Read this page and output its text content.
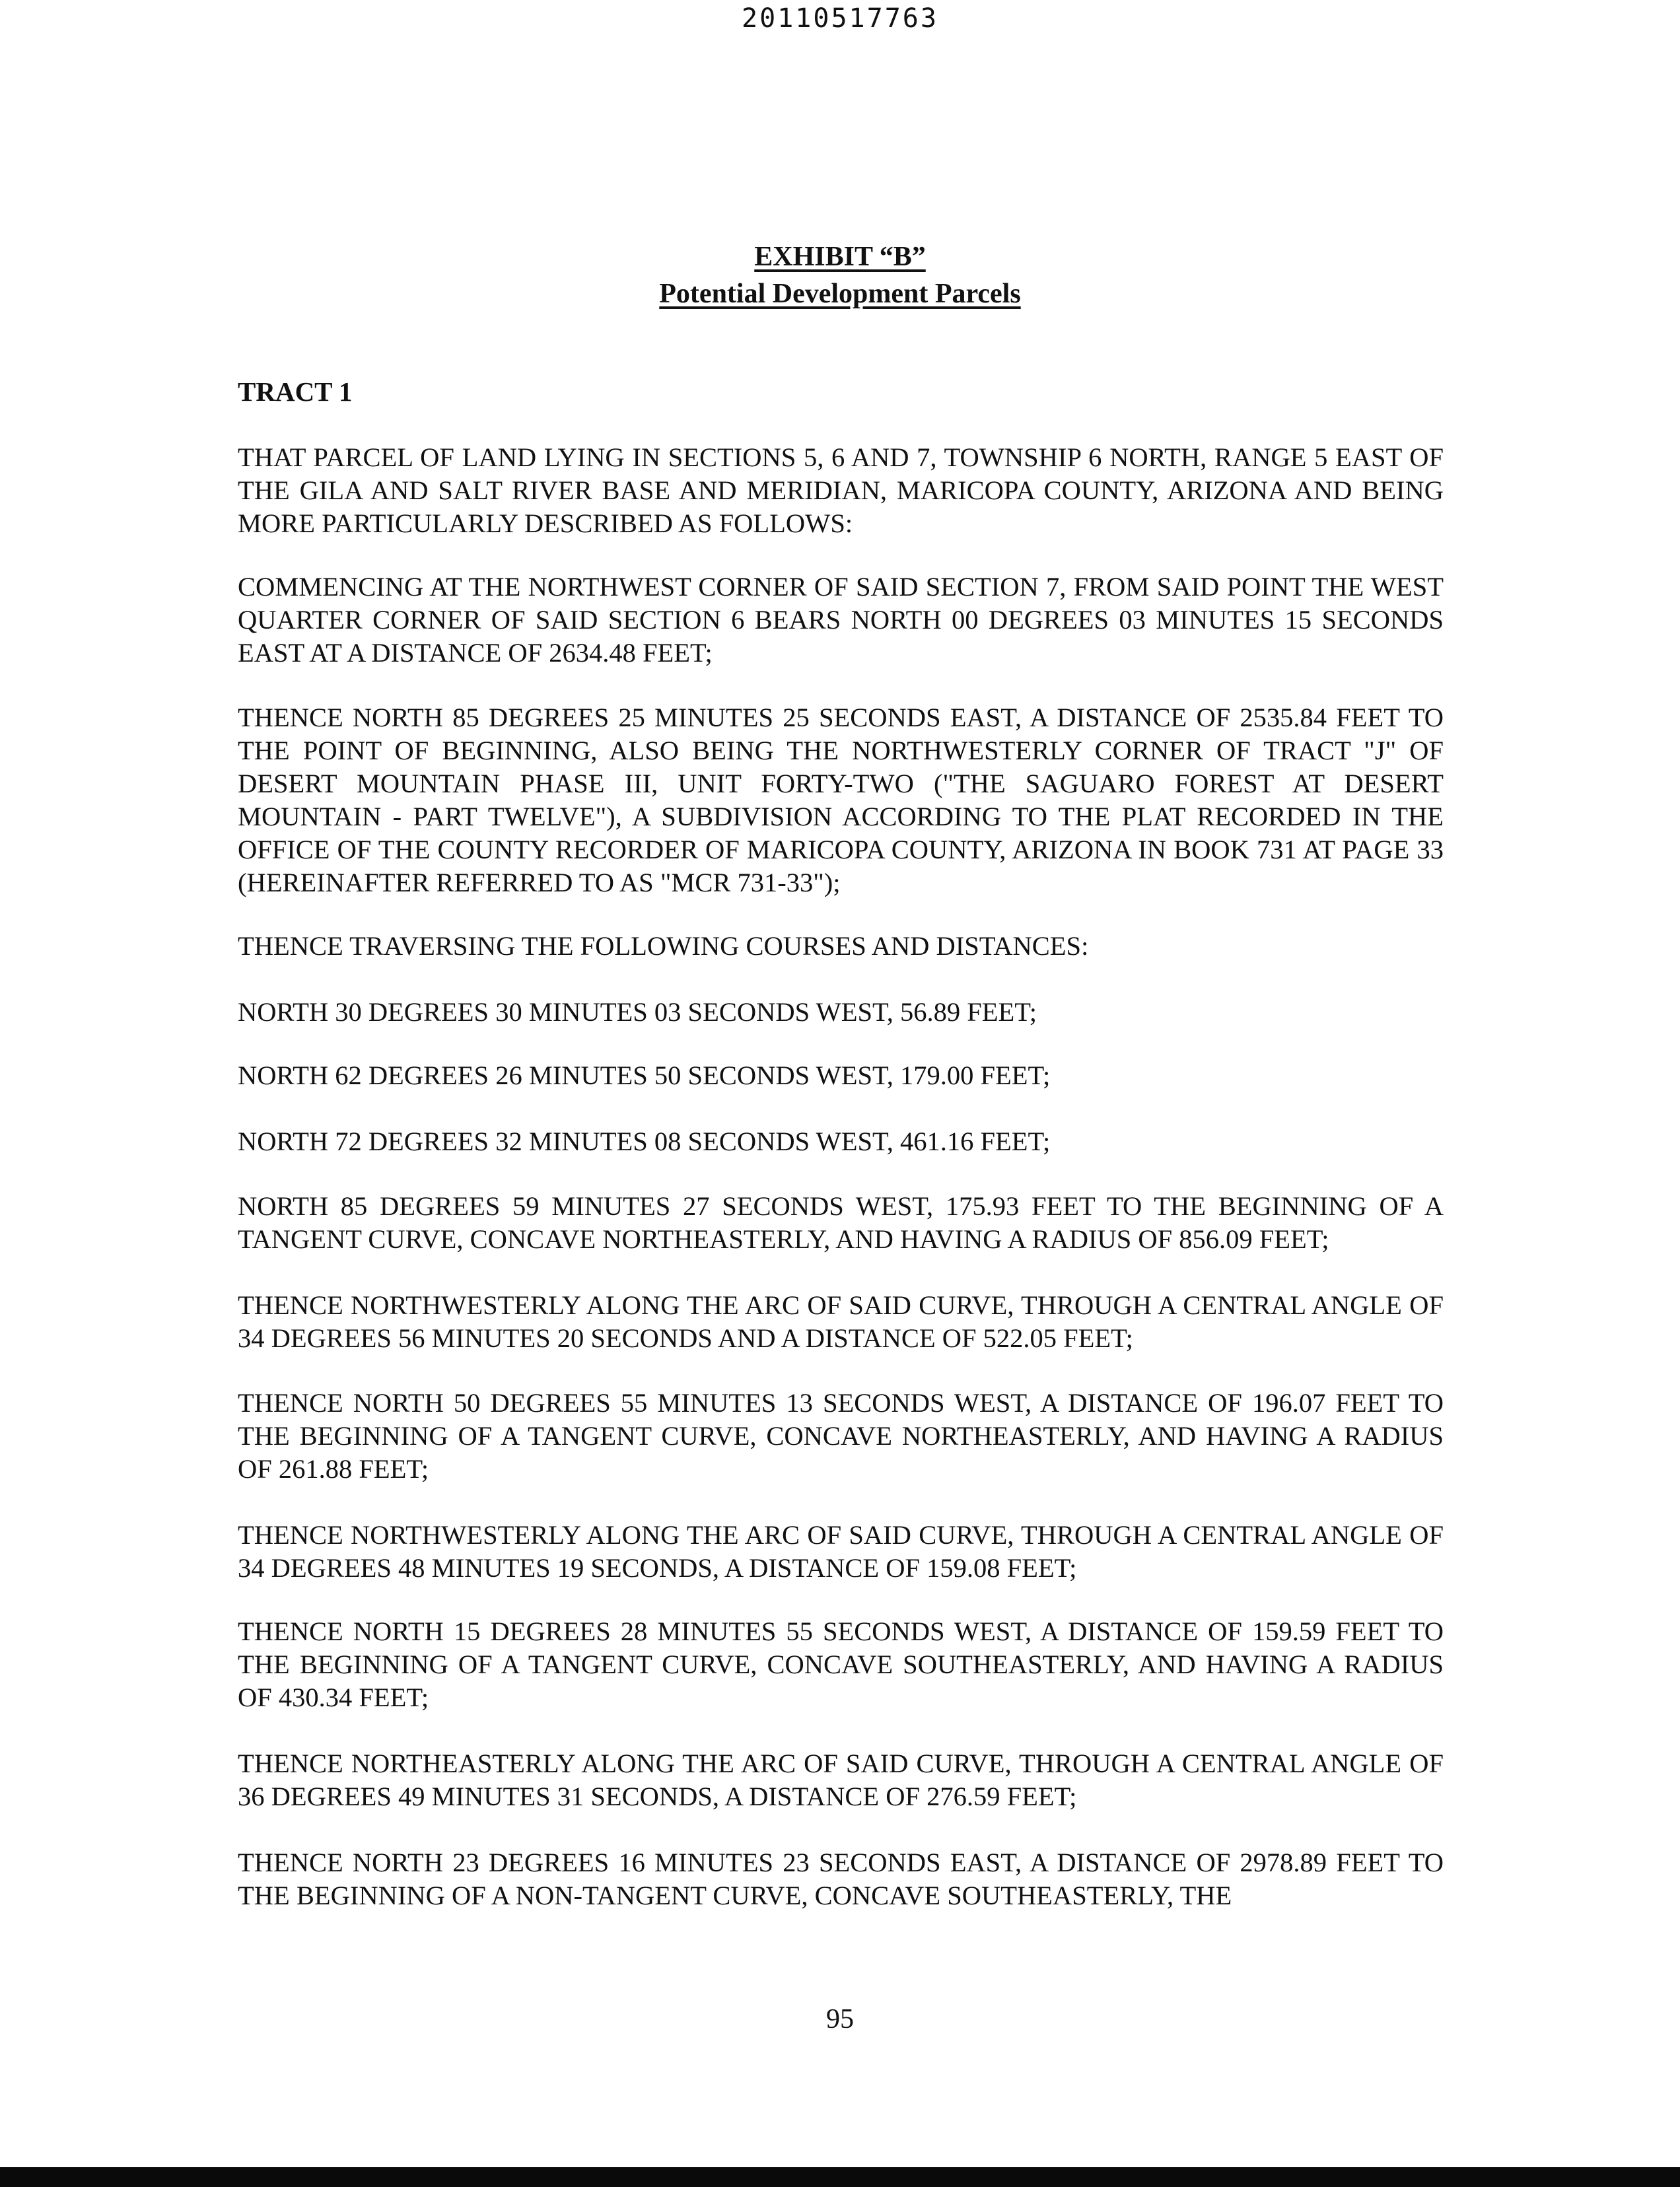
20110517763
EXHIBIT “B”
Potential Development Parcels
TRACT 1

THAT PARCEL OF LAND LYING IN SECTIONS 5, 6 AND 7, TOWNSHIP 6 NORTH, RANGE 5 EAST OF THE GILA AND SALT RIVER BASE AND MERIDIAN, MARICOPA COUNTY, ARIZONA AND BEING MORE PARTICULARLY DESCRIBED AS FOLLOWS:

COMMENCING AT THE NORTHWEST CORNER OF SAID SECTION 7, FROM SAID POINT THE WEST QUARTER CORNER OF SAID SECTION 6 BEARS NORTH 00 DEGREES 03 MINUTES 15 SECONDS EAST AT A DISTANCE OF 2634.48 FEET;

THENCE NORTH 85 DEGREES 25 MINUTES 25 SECONDS EAST, A DISTANCE OF 2535.84 FEET TO THE POINT OF BEGINNING, ALSO BEING THE NORTHWESTERLY CORNER OF TRACT "J" OF DESERT MOUNTAIN PHASE III, UNIT FORTY-TWO ("THE SAGUARO FOREST AT DESERT MOUNTAIN - PART TWELVE"), A SUBDIVISION ACCORDING TO THE PLAT RECORDED IN THE OFFICE OF THE COUNTY RECORDER OF MARICOPA COUNTY, ARIZONA IN BOOK 731 AT PAGE 33 (HEREINAFTER REFERRED TO AS "MCR 731-33");

THENCE TRAVERSING THE FOLLOWING COURSES AND DISTANCES:

NORTH 30 DEGREES 30 MINUTES 03 SECONDS WEST, 56.89 FEET;

NORTH 62 DEGREES 26 MINUTES 50 SECONDS WEST, 179.00 FEET;

NORTH 72 DEGREES 32 MINUTES 08 SECONDS WEST, 461.16 FEET;

NORTH 85 DEGREES 59 MINUTES 27 SECONDS WEST, 175.93 FEET TO THE BEGINNING OF A TANGENT CURVE, CONCAVE NORTHEASTERLY, AND HAVING A RADIUS OF 856.09 FEET;

THENCE NORTHWESTERLY ALONG THE ARC OF SAID CURVE, THROUGH A CENTRAL ANGLE OF 34 DEGREES 56 MINUTES 20 SECONDS AND A DISTANCE OF 522.05 FEET;

THENCE NORTH 50 DEGREES 55 MINUTES 13 SECONDS WEST, A DISTANCE OF 196.07 FEET TO THE BEGINNING OF A TANGENT CURVE, CONCAVE NORTHEASTERLY, AND HAVING A RADIUS OF 261.88 FEET;

THENCE NORTHWESTERLY ALONG THE ARC OF SAID CURVE, THROUGH A CENTRAL ANGLE OF 34 DEGREES 48 MINUTES 19 SECONDS, A DISTANCE OF 159.08 FEET;

THENCE NORTH 15 DEGREES 28 MINUTES 55 SECONDS WEST, A DISTANCE OF 159.59 FEET TO THE BEGINNING OF A TANGENT CURVE, CONCAVE SOUTHEASTERLY, AND HAVING A RADIUS OF 430.34 FEET;

THENCE NORTHEASTERLY ALONG THE ARC OF SAID CURVE, THROUGH A CENTRAL ANGLE OF 36 DEGREES 49 MINUTES 31 SECONDS, A DISTANCE OF 276.59 FEET;

THENCE NORTH 23 DEGREES 16 MINUTES 23 SECONDS EAST, A DISTANCE OF 2978.89 FEET TO THE BEGINNING OF A NON-TANGENT CURVE, CONCAVE SOUTHEASTERLY, THE

95
